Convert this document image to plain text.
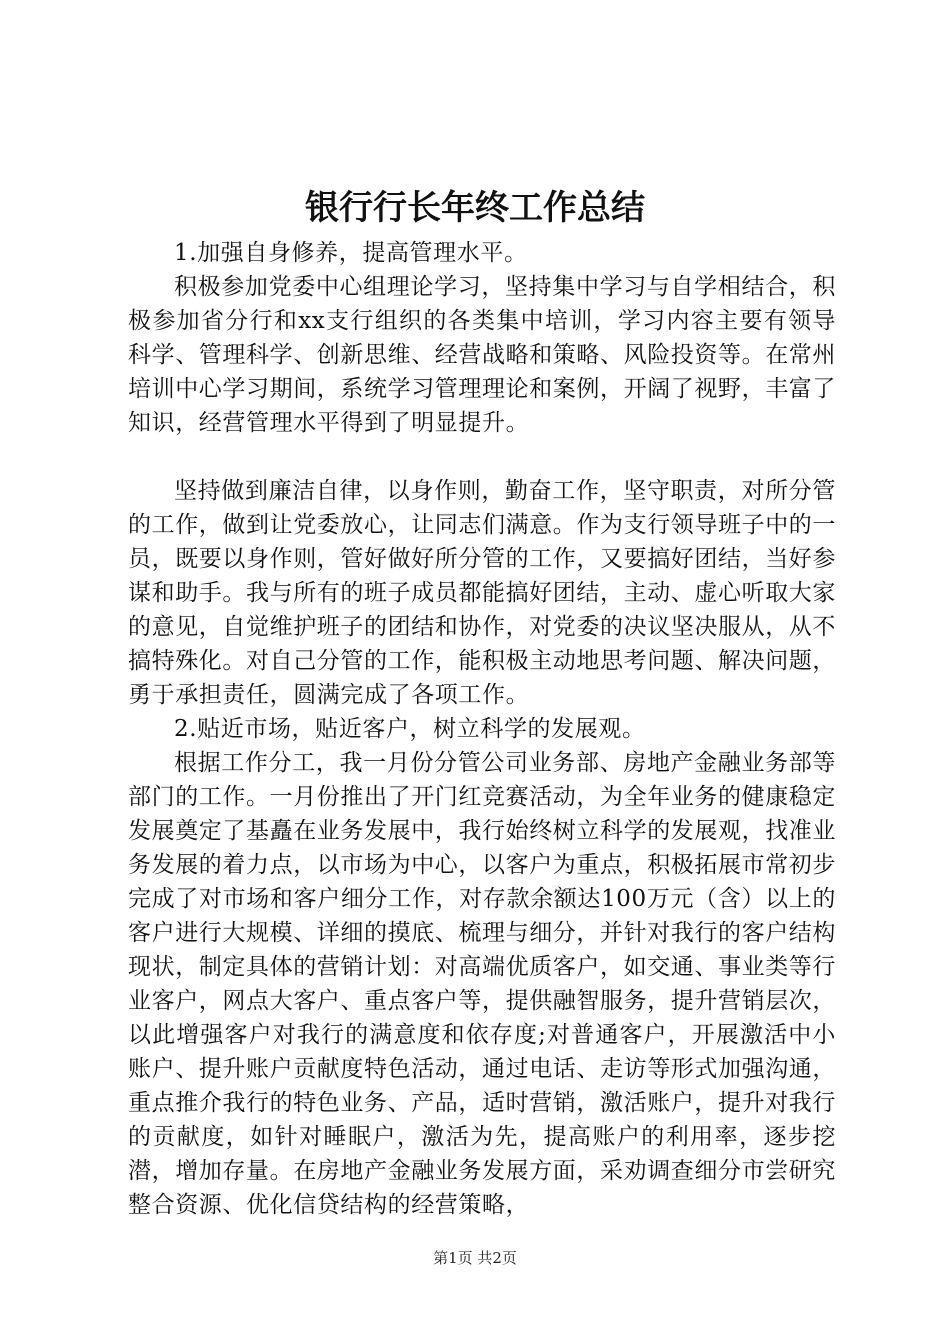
银行行长年终工作总结

1.加强自身修养，提高管理水平。

积极参加党委中心组理论学习，坚持集中学习与自学相结合，积极参加省分行和xx支行组织的各类集中培训，学习内容主要有领导科学、管理科学、创新思维、经营战略和策略、风险投资等。在常州培训中心学习期间，系统学习管理理论和案例，开阔了视野，丰富了知识，经营管理水平得到了明显提升。

坚持做到廉洁自律，以身作则，勤奋工作，坚守职责，对所分管的工作，做到让党委放心，让同志们满意。作为支行领导班子中的一员，既要以身作则，管好做好所分管的工作，又要搞好团结，当好参谋和助手。我与所有的班子成员都能搞好团结，主动、虚心听取大家的意见，自觉维护班子的团结和协作，对党委的决议坚决服从，从不搞特殊化。对自己分管的工作，能积极主动地思考问题、解决问题，勇于承担责任，圆满完成了各项工作。

2.贴近市场，贴近客户，树立科学的发展观。

根据工作分工，我一月份分管公司业务部、房地产金融业务部等部门的工作。一月份推出了开门红竞赛活动，为全年业务的健康稳定发展奠定了基矗在业务发展中，我行始终树立科学的发展观，找准业务发展的着力点，以市场为中心，以客户为重点，积极拓展市常初步完成了对市场和客户细分工作，对存款余额达100万元（含）以上的客户进行大规模、详细的摸底、梳理与细分，并针对我行的客户结构现状，制定具体的营销计划：对高端优质客户，如交通、事业类等行业客户，网点大客户、重点客户等，提供融智服务，提升营销层次，以此增强客户对我行的满意度和依存度;对普通客户，开展激活中小账户、提升账户贡献度特色活动，通过电话、走访等形式加强沟通，重点推介我行的特色业务、产品，适时营销，激活账户，提升对我行的贡献度，如针对睡眠户，激活为先，提高账户的利用率，逐步挖潜，增加存量。在房地产金融业务发展方面，采劝调查细分市尝研究整合资源、优化信贷结构的经营策略，

第1页 共2页
